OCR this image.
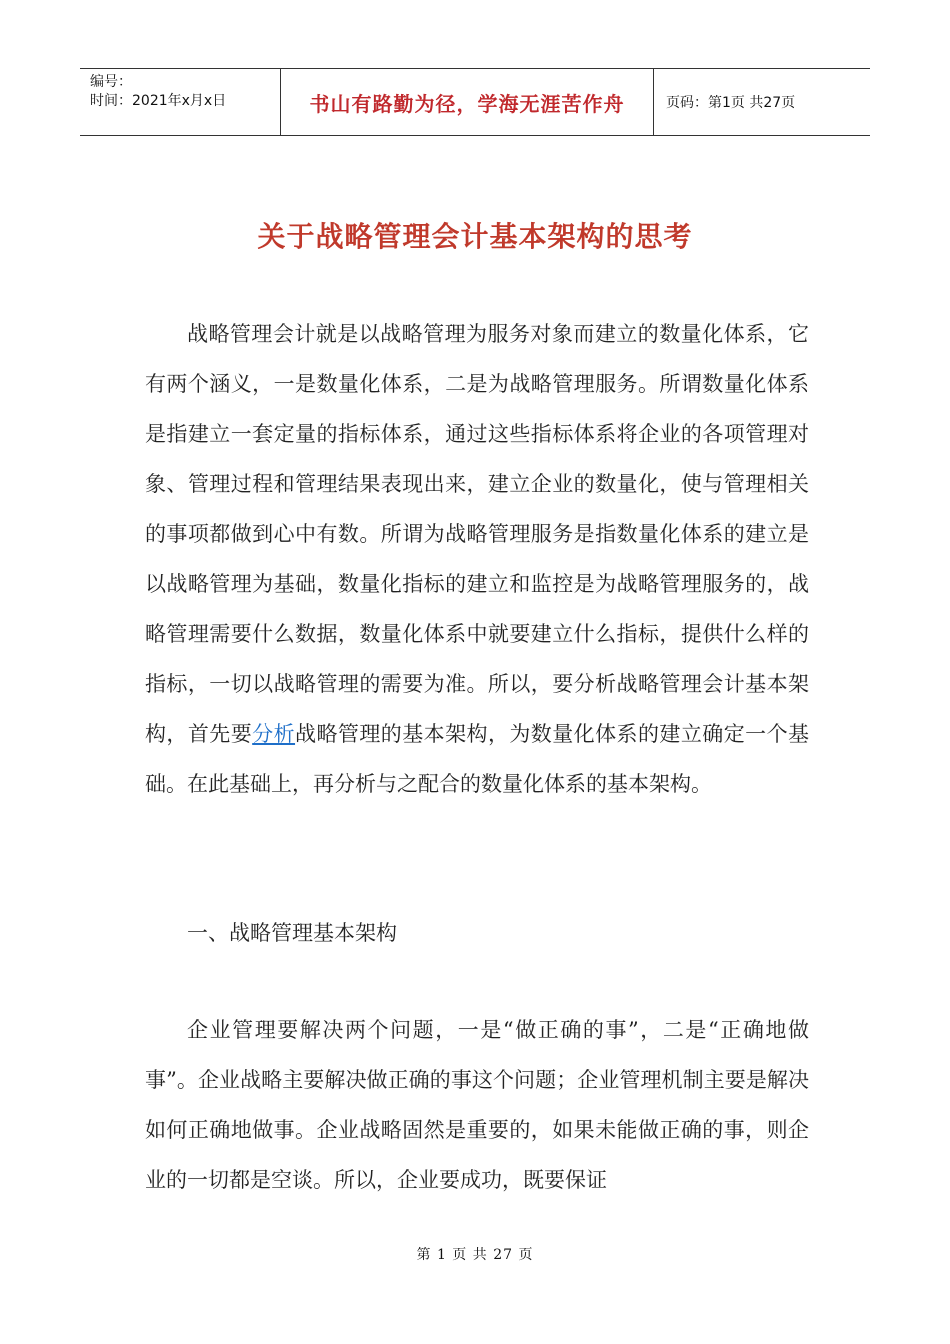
编号：
时间：2021年x月x日	书山有路勤为径，学海无涯苦作舟	页码：第1页 共27页
关于战略管理会计基本架构的思考

战略管理会计就是以战略管理为服务对象而建立的数量化体系，它有两个涵义，一是数量化体系，二是为战略管理服务。所谓数量化体系是指建立一套定量的指标体系，通过这些指标体系将企业的各项管理对象、管理过程和管理结果表现出来，建立企业的数量化，使与管理相关的事项都做到心中有数。所谓为战略管理服务是指数量化体系的建立是以战略管理为基础，数量化指标的建立和监控是为战略管理服务的，战略管理需要什么数据，数量化体系中就要建立什么指标，提供什么样的指标，一切以战略管理的需要为准。所以，要分析战略管理会计基本架构，首先要分析战略管理的基本架构，为数量化体系的建立确定一个基础。在此基础上，再分析与之配合的数量化体系的基本架构。

一、战略管理基本架构

企业管理要解决两个问题，一是“做正确的事”，二是“正确地做事”。企业战略主要解决做正确的事这个问题；企业管理机制主要是解决如何正确地做事。企业战略固然是重要的，如果未能做正确的事，则企业的一切都是空谈。所以，企业要成功，既要保证

第 1 页 共 27 页
